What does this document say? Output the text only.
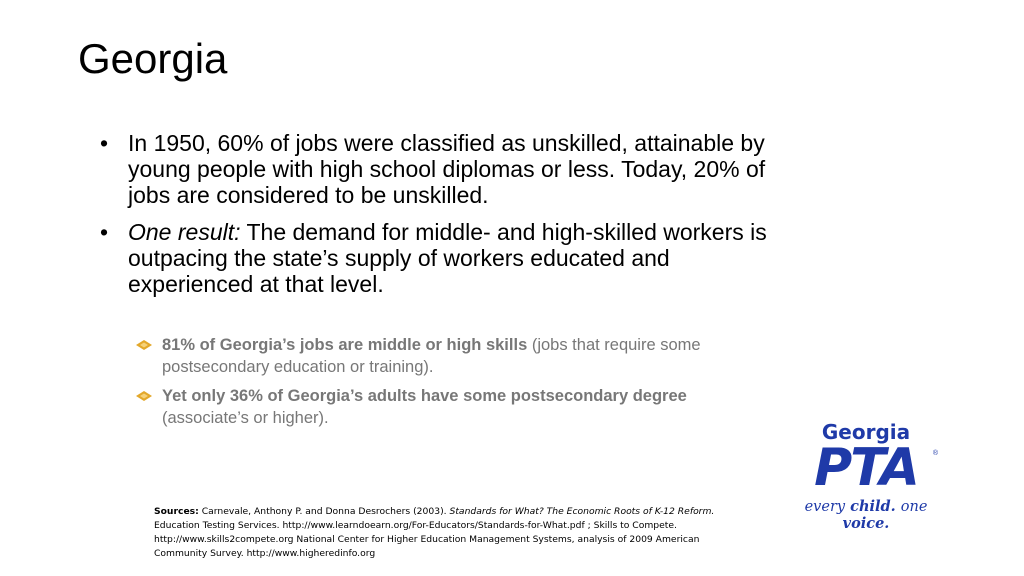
Georgia
• In 1950, 60% of jobs were classified as unskilled, attainable by young people with high school diplomas or less. Today, 20% of jobs are considered to be unskilled.
• One result: The demand for middle- and high-skilled workers is outpacing the state’s supply of workers educated and experienced at that level.
81% of Georgia’s jobs are middle or high skills (jobs that require some postsecondary education or training).
Yet only 36% of Georgia’s adults have some postsecondary degree (associate’s or higher).
Sources: Carnevale, Anthony P. and Donna Desrochers (2003). Standards for What? The Economic Roots of K-12 Reform. Education Testing Services. http://www.learndoearn.org/For-Educators/Standards-for-What.pdf ; Skills to Compete. http://www.skills2compete.org National Center for Higher Education Management Systems, analysis of 2009 American Community Survey. http://www.higheredinfo.org
Georgia
PTA	®
every child. one voice.
